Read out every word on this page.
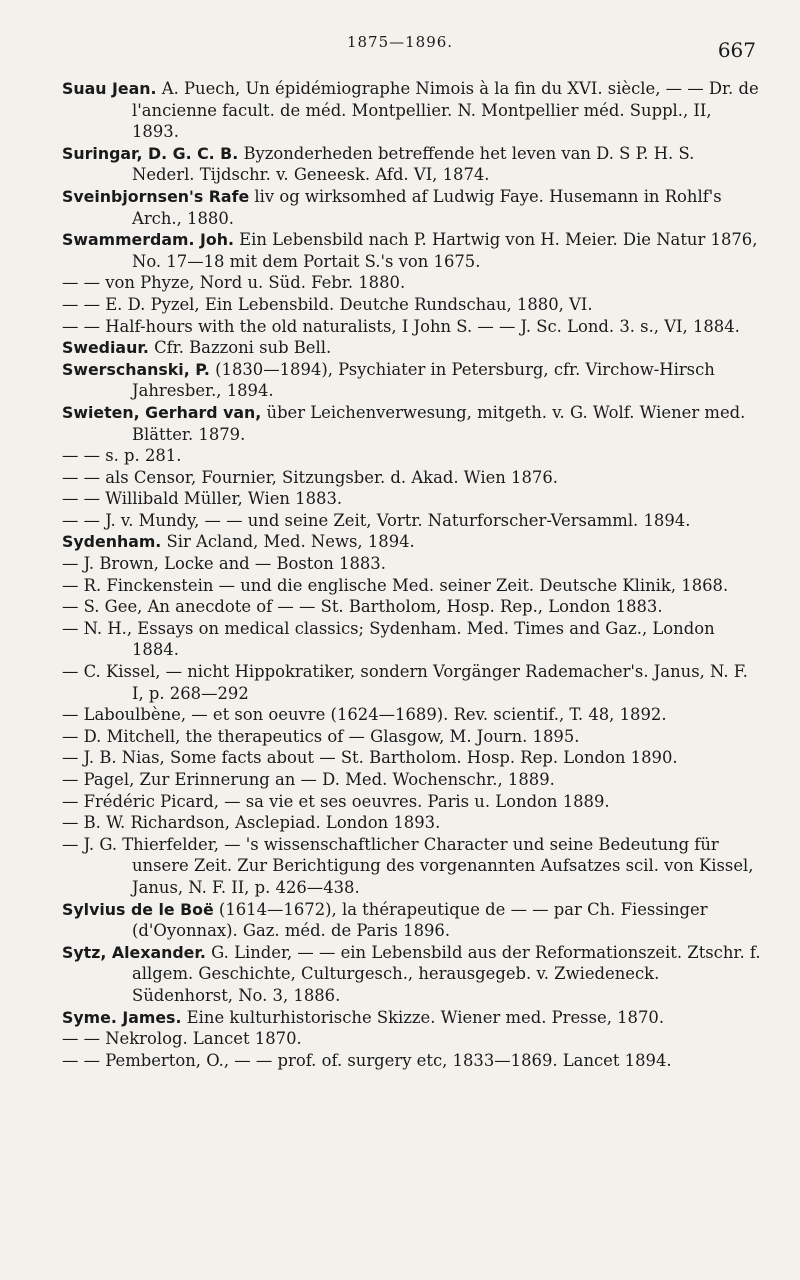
1875—1896.	667

Suau Jean. A. Puech, Un épidémiographe Nimois à la fin du XVI. siècle, — — Dr. de l'ancienne facult. de méd. Montpellier. N. Montpellier méd. Suppl., II, 1893.

Suringar, D. G. C. B. Byzonderheden betreffende het leven van D. S P. H. S. Nederl. Tijdschr. v. Geneesk. Afd. VI, 1874.

Sveinbjornsen's Rafe liv og wirksomhed af Ludwig Faye. Husemann in Rohlf's Arch., 1880.

Swammerdam. Joh. Ein Lebensbild nach P. Hartwig von H. Meier. Die Natur 1876, No. 17—18 mit dem Portait S.'s von 1675.

— — von Phyze, Nord u. Süd. Febr. 1880.

— — E. D. Pyzel, Ein Lebensbild. Deutche Rundschau, 1880, VI.

— — Half-hours with the old naturalists, I John S. — — J. Sc. Lond. 3. s., VI, 1884.

Swediaur. Cfr. Bazzoni sub Bell.

Swerschanski, P. (1830—1894), Psychiater in Petersburg, cfr. Virchow-Hirsch Jahresber., 1894.

Swieten, Gerhard van, über Leichenverwesung, mitgeth. v. G. Wolf. Wiener med. Blätter. 1879.

— — s. p. 281.

— — als Censor, Fournier, Sitzungsber. d. Akad. Wien 1876.

— — Willibald Müller, Wien 1883.

— — J. v. Mundy, — — und seine Zeit, Vortr. Naturforscher-Versamml. 1894.

Sydenham. Sir Acland, Med. News, 1894.

— J. Brown, Locke and — Boston 1883.

— R. Finckenstein — und die englische Med. seiner Zeit. Deutsche Klinik, 1868.

— S. Gee, An anecdote of — — St. Bartholom, Hosp. Rep., London 1883.

— N. H., Essays on medical classics; Sydenham. Med. Times and Gaz., London 1884.

— C. Kissel, — nicht Hippokratiker, sondern Vorgänger Rademacher's. Janus, N. F. I, p. 268—292

— Laboulbène, — et son oeuvre (1624—1689). Rev. scientif., T. 48, 1892.

— D. Mitchell, the therapeutics of — Glasgow, M. Journ. 1895.

— J. B. Nias, Some facts about — St. Bartholom. Hosp. Rep. London 1890.

— Pagel, Zur Erinnerung an — D. Med. Wochenschr., 1889.

— Frédéric Picard, — sa vie et ses oeuvres. Paris u. London 1889.

— B. W. Richardson, Asclepiad. London 1893.

— J. G. Thierfelder, — 's wissenschaftlicher Character und seine Bedeutung für unsere Zeit. Zur Berichtigung des vorgenannten Aufsatzes scil. von Kissel, Janus, N. F. II, p. 426—438.

Sylvius de le Boë (1614—1672), la thérapeutique de — — par Ch. Fiessinger (d'Oyonnax). Gaz. méd. de Paris 1896.

Sytz, Alexander. G. Linder, — — ein Lebensbild aus der Reformationszeit. Ztschr. f. allgem. Geschichte, Culturgesch., herausgegeb. v. Zwiedeneck. Südenhorst, No. 3, 1886.

Syme. James. Eine kulturhistorische Skizze. Wiener med. Presse, 1870.

— — Nekrolog. Lancet 1870.

— — Pemberton, O., — — prof. of. surgery etc, 1833—1869. Lancet 1894.
